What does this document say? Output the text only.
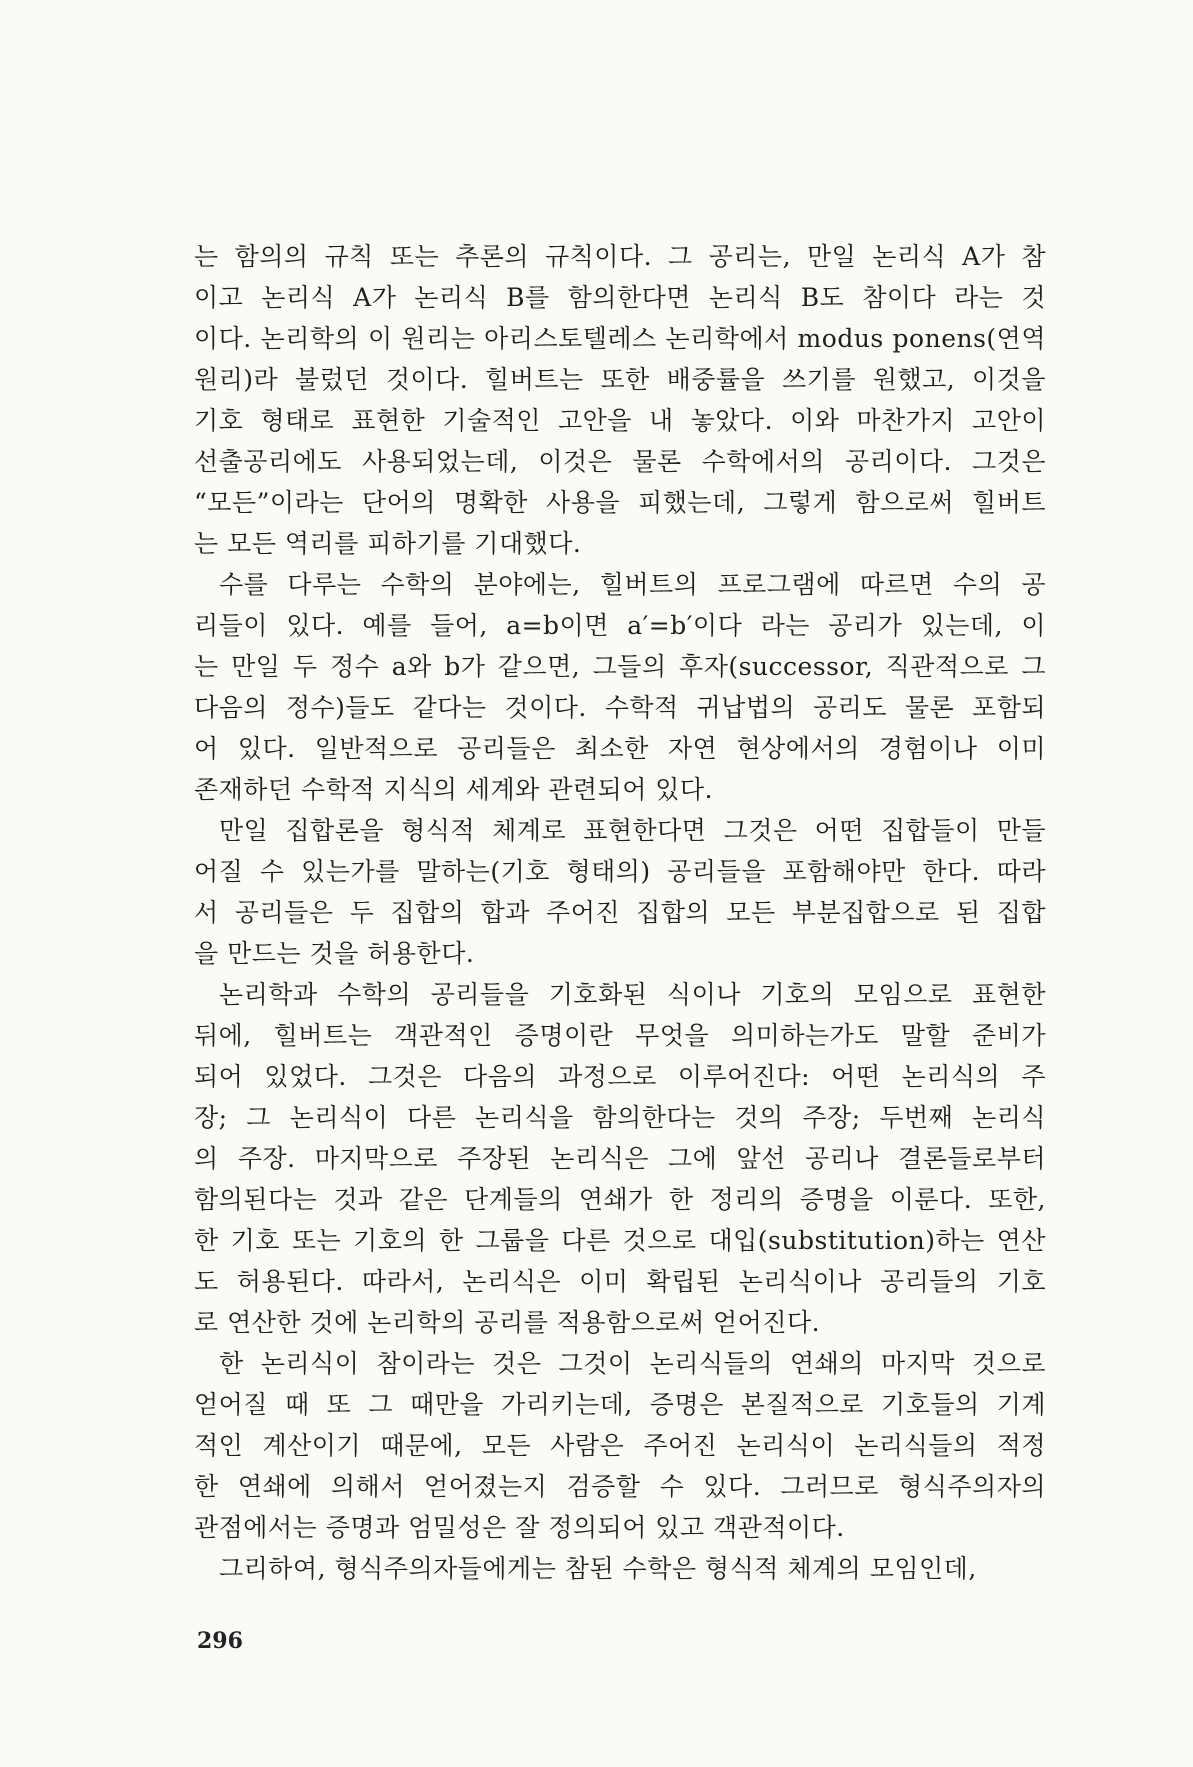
는 함의의 규칙 또는 추론의 규칙이다. 그 공리는, 만일 논리식 A가 참
이고 논리식 A가 논리식 B를 함의한다면 논리식 B도 참이다 라는 것
이다. 논리학의 이 원리는 아리스토텔레스 논리학에서 modus ponens(연역
원리)라 불렀던 것이다. 힐버트는 또한 배중률을 쓰기를 원했고, 이것을
기호 형태로 표현한 기술적인 고안을 내 놓았다. 이와 마찬가지 고안이
선출공리에도 사용되었는데, 이것은 물론 수학에서의 공리이다. 그것은
“모든”이라는 단어의 명확한 사용을 피했는데, 그렇게 함으로써 힐버트
는 모든 역리를 피하기를 기대했다.
수를 다루는 수학의 분야에는, 힐버트의 프로그램에 따르면 수의 공
리들이 있다. 예를 들어, a=b이면 a′=b′이다 라는 공리가 있는데, 이
는 만일 두 정수 a와 b가 같으면, 그들의 후자(successor, 직관적으로 그
다음의 정수)들도 같다는 것이다. 수학적 귀납법의 공리도 물론 포함되
어 있다. 일반적으로 공리들은 최소한 자연 현상에서의 경험이나 이미
존재하던 수학적 지식의 세계와 관련되어 있다.
만일 집합론을 형식적 체계로 표현한다면 그것은 어떤 집합들이 만들
어질 수 있는가를 말하는(기호 형태의) 공리들을 포함해야만 한다. 따라
서 공리들은 두 집합의 합과 주어진 집합의 모든 부분집합으로 된 집합
을 만드는 것을 허용한다.
논리학과 수학의 공리들을 기호화된 식이나 기호의 모임으로 표현한
뒤에, 힐버트는 객관적인 증명이란 무엇을 의미하는가도 말할 준비가
되어 있었다. 그것은 다음의 과정으로 이루어진다: 어떤 논리식의 주
장; 그 논리식이 다른 논리식을 함의한다는 것의 주장; 두번째 논리식
의 주장. 마지막으로 주장된 논리식은 그에 앞선 공리나 결론들로부터
함의된다는 것과 같은 단계들의 연쇄가 한 정리의 증명을 이룬다. 또한,
한 기호 또는 기호의 한 그룹을 다른 것으로 대입(substitution)하는 연산
도 허용된다. 따라서, 논리식은 이미 확립된 논리식이나 공리들의 기호
로 연산한 것에 논리학의 공리를 적용함으로써 얻어진다.
한 논리식이 참이라는 것은 그것이 논리식들의 연쇄의 마지막 것으로
얻어질 때 또 그 때만을 가리키는데, 증명은 본질적으로 기호들의 기계
적인 계산이기 때문에, 모든 사람은 주어진 논리식이 논리식들의 적정
한 연쇄에 의해서 얻어졌는지 검증할 수 있다. 그러므로 형식주의자의
관점에서는 증명과 엄밀성은 잘 정의되어 있고 객관적이다.
그리하여, 형식주의자들에게는 참된 수학은 형식적 체계의 모임인데,
296
